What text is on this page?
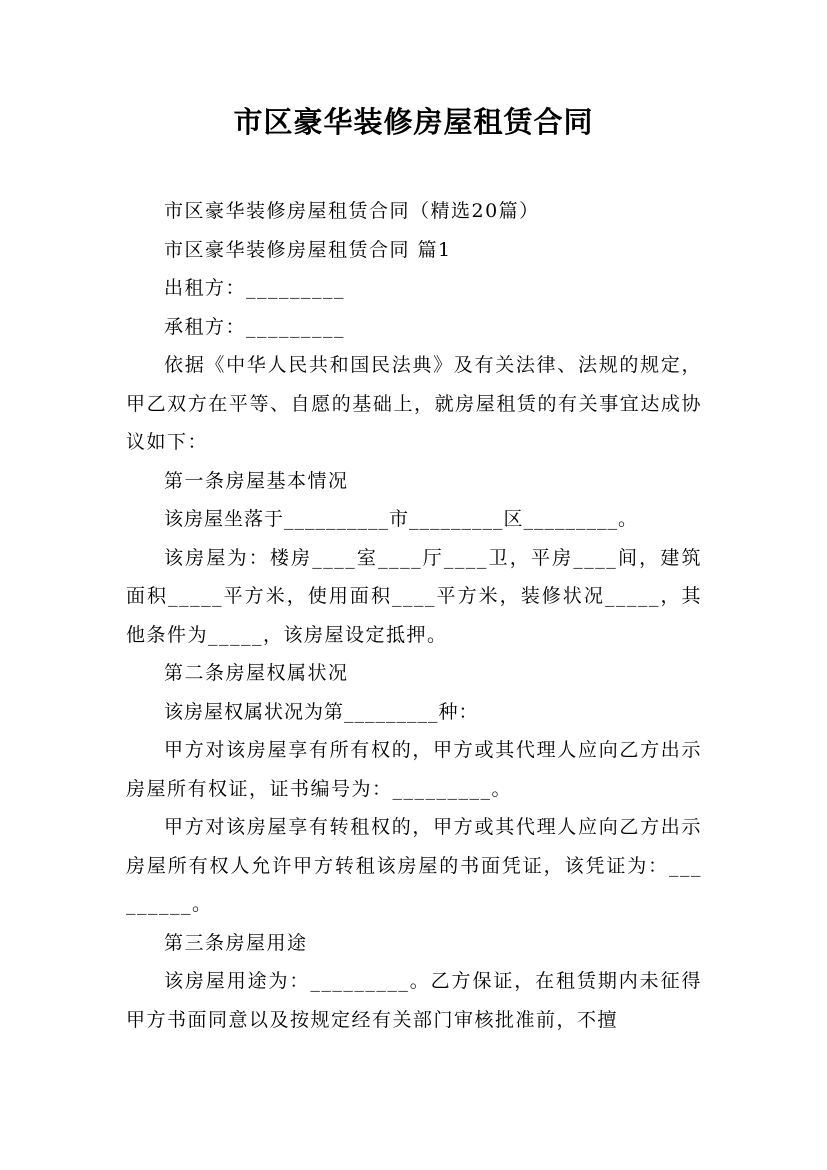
市区豪华装修房屋租赁合同

市区豪华装修房屋租赁合同（精选20篇）

市区豪华装修房屋租赁合同 篇1

出租方：_________

承租方：_________

依据《中华人民共和国民法典》及有关法律、法规的规定，甲乙双方在平等、自愿的基础上，就房屋租赁的有关事宜达成协议如下：

第一条房屋基本情况

该房屋坐落于__________市_________区_________。

该房屋为：楼房____室____厅____卫，平房____间，建筑面积_____平方米，使用面积____平方米，装修状况_____，其他条件为_____，该房屋设定抵押。

第二条房屋权属状况

该房屋权属状况为第_________种：

甲方对该房屋享有所有权的，甲方或其代理人应向乙方出示房屋所有权证，证书编号为：_________。

甲方对该房屋享有转租权的，甲方或其代理人应向乙方出示房屋所有权人允许甲方转租该房屋的书面凭证，该凭证为：_________。

第三条房屋用途

该房屋用途为：_________。乙方保证，在租赁期内未征得甲方书面同意以及按规定经有关部门审核批准前，不擅
